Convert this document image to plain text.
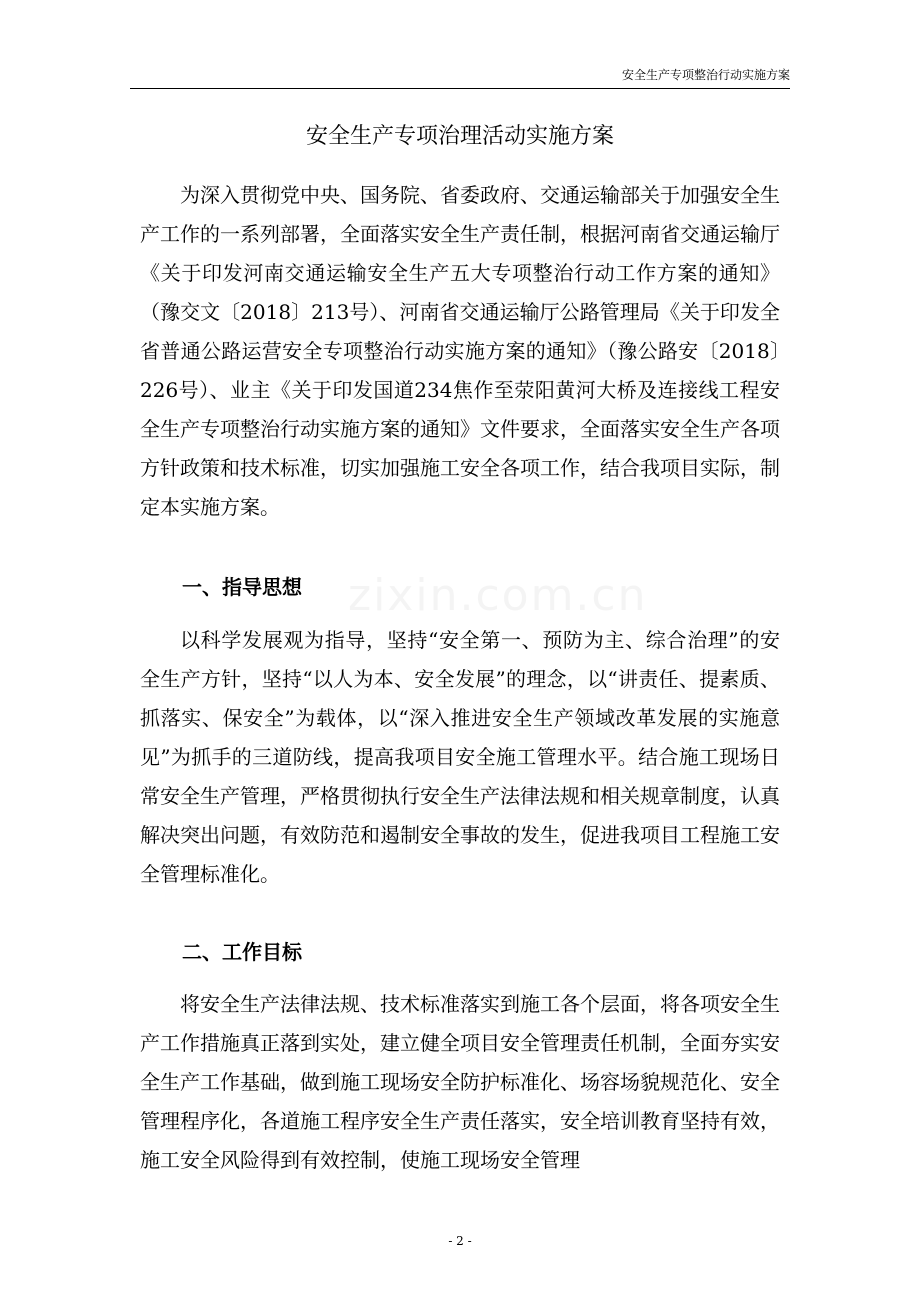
安全生产专项整治行动实施方案
安全生产专项治理活动实施方案

为深入贯彻党中央、国务院、省委政府、交通运输部关于加强安全生产工作的一系列部署，全面落实安全生产责任制，根据河南省交通运输厅《关于印发河南交通运输安全生产五大专项整治行动工作方案的通知》（豫交文〔2018〕213号）、河南省交通运输厅公路管理局《关于印发全省普通公路运营安全专项整治行动实施方案的通知》（豫公路安〔2018〕226号）、业主《关于印发国道234焦作至荥阳黄河大桥及连接线工程安全生产专项整治行动实施方案的通知》文件要求，全面落实安全生产各项方针政策和技术标准，切实加强施工安全各项工作，结合我项目实际，制定本实施方案。

一、指导思想

以科学发展观为指导，坚持“安全第一、预防为主、综合治理”的安全生产方针，坚持“以人为本、安全发展”的理念，以“讲责任、提素质、抓落实、保安全”为载体，以“深入推进安全生产领域改革发展的实施意见”为抓手的三道防线，提高我项目安全施工管理水平。结合施工现场日常安全生产管理，严格贯彻执行安全生产法律法规和相关规章制度，认真解决突出问题，有效防范和遏制安全事故的发生，促进我项目工程施工安全管理标准化。

二、工作目标

将安全生产法律法规、技术标准落实到施工各个层面，将各项安全生产工作措施真正落到实处，建立健全项目安全管理责任机制，全面夯实安全生产工作基础，做到施工现场安全防护标准化、场容场貌规范化、安全管理程序化，各道施工程序安全生产责任落实，安全培训教育坚持有效，施工安全风险得到有效控制，使施工现场安全管理

zixin.com.cn
- 2 -
